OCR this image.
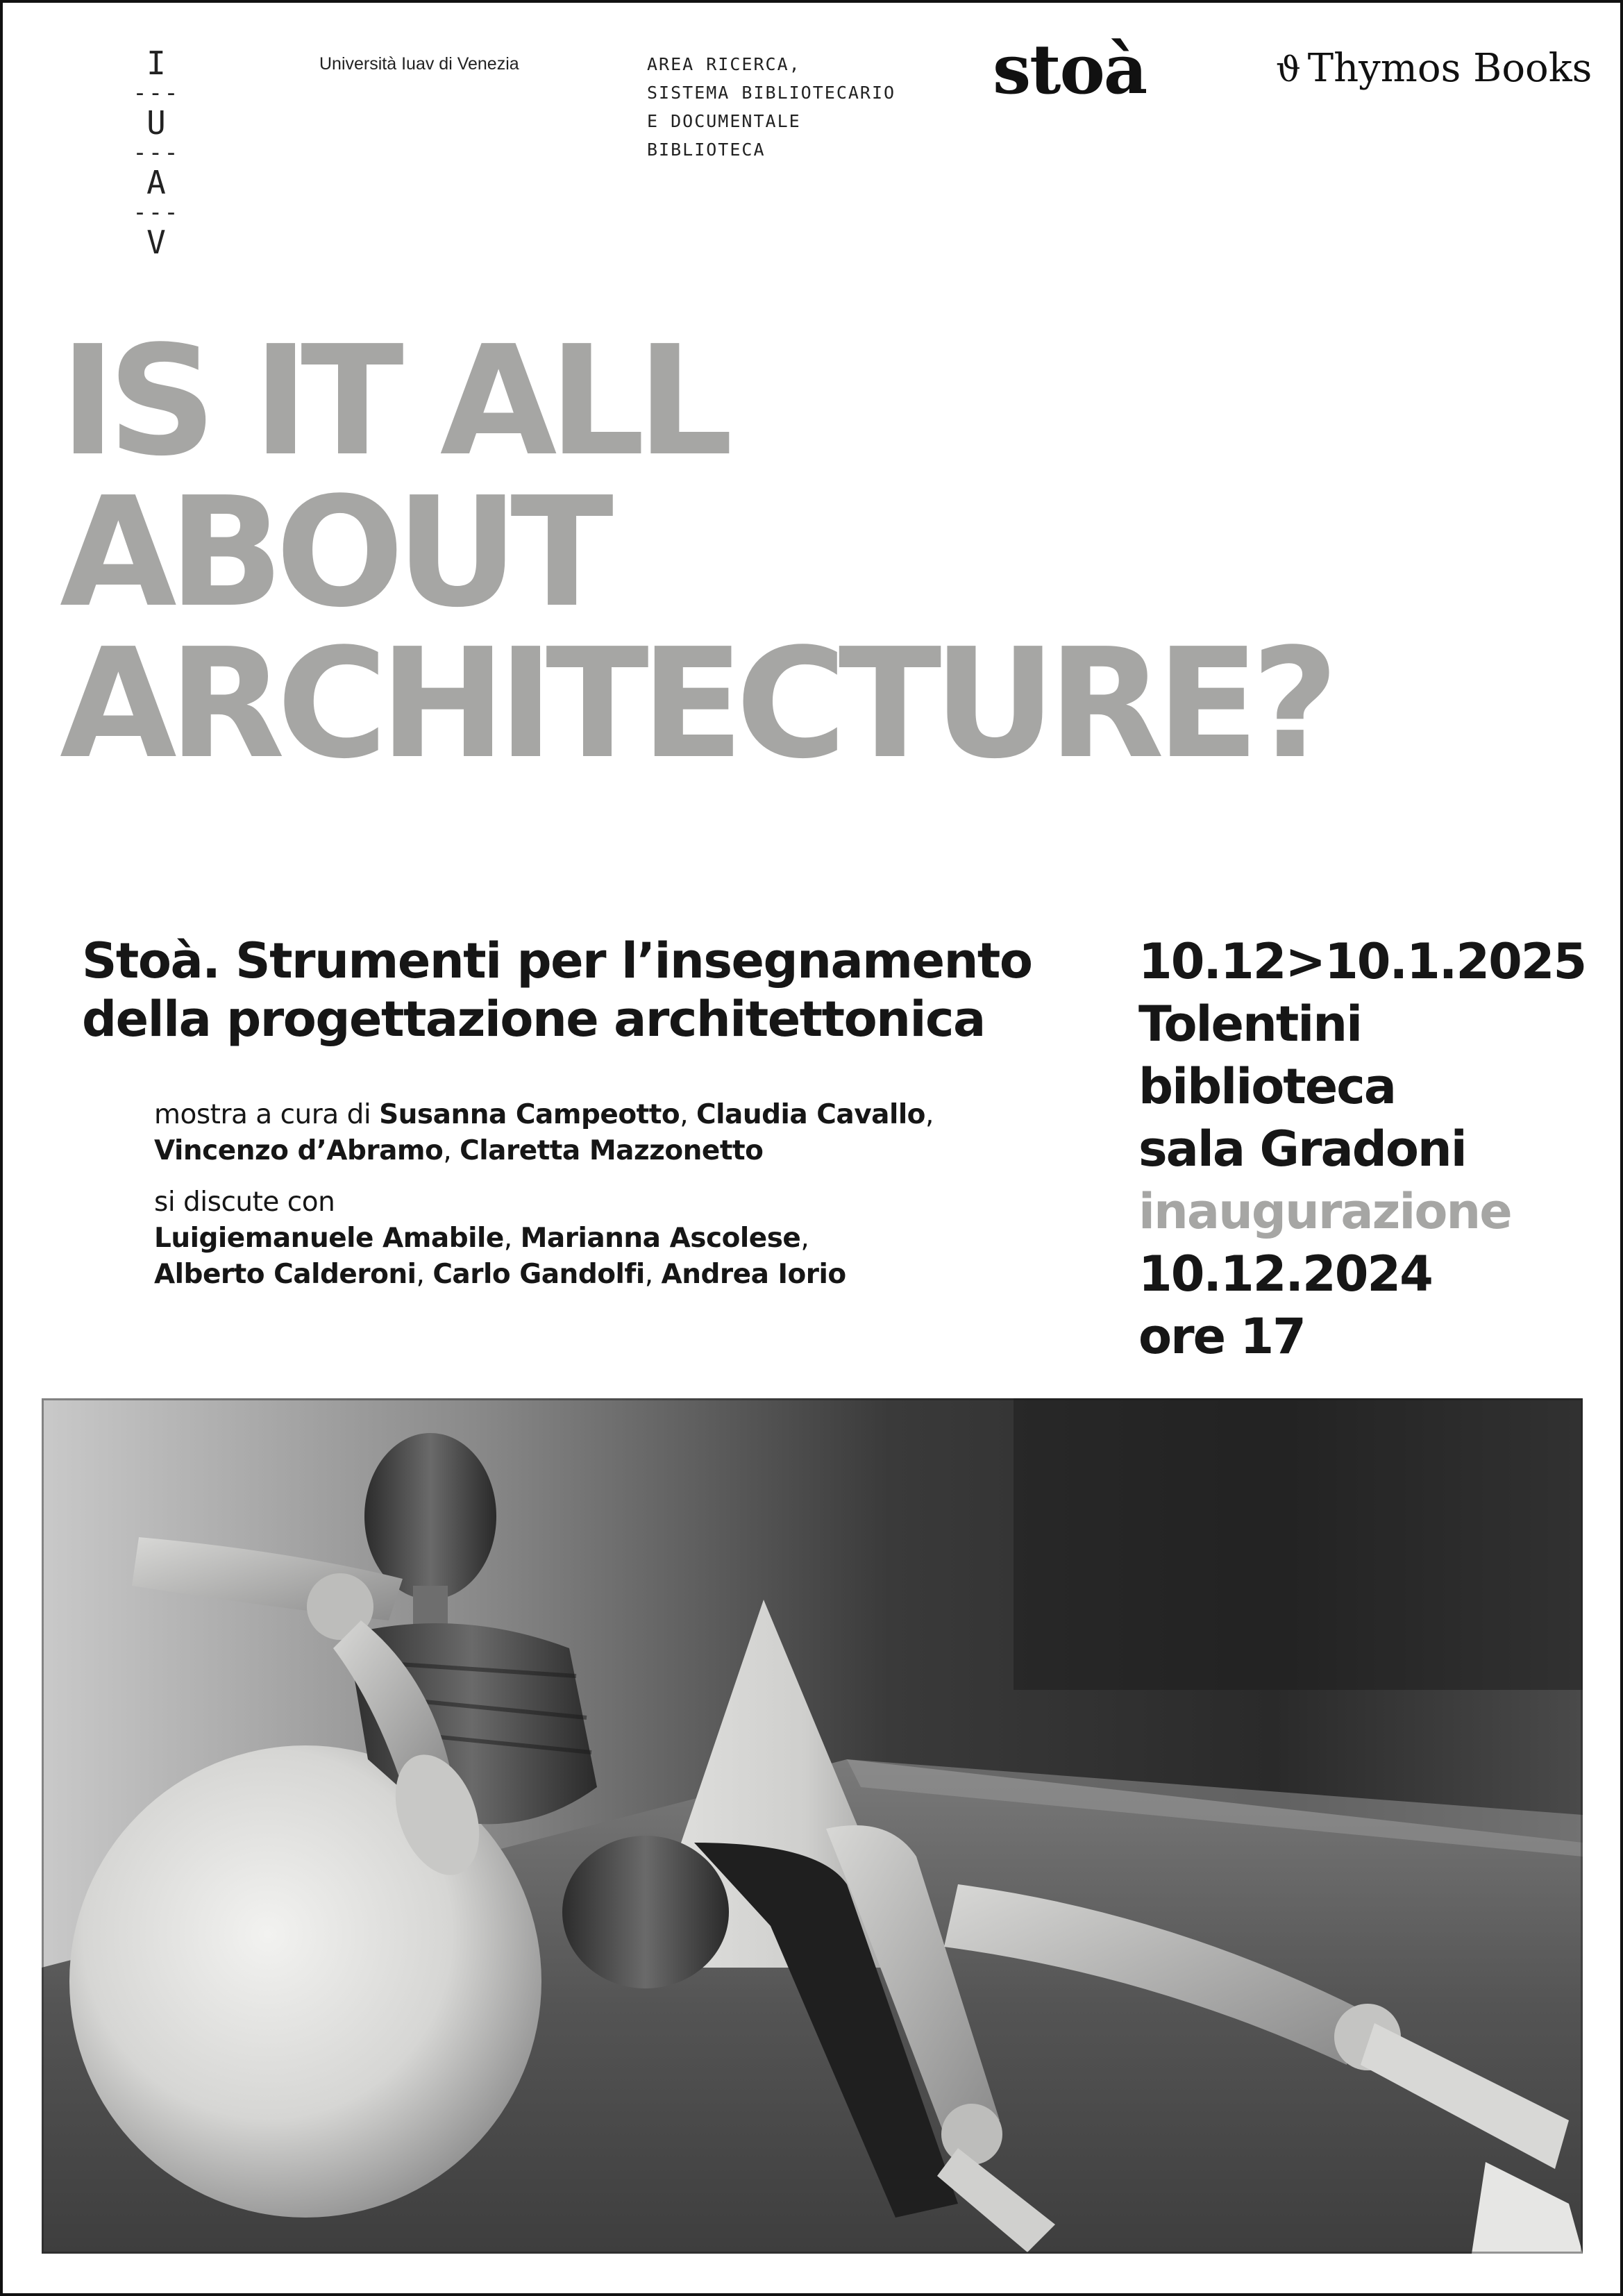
I
---
U
---
A
---
V
Università Iuav di Venezia	AREA RICERCA,
SISTEMA BIBLIOTECARIO
E DOCUMENTALE
BIBLIOTECA
stoà	ϑ Thymos Books
IS IT ALL
ABOUT
ARCHITECTURE?
Stoà. Strumenti per l’insegnamento
della progettazione architettonica
mostra a cura di Susanna Campeotto, Claudia Cavallo,
Vincenzo d’Abramo, Claretta Mazzonetto
si discute con
Luigiemanuele Amabile, Marianna Ascolese,
Alberto Calderoni, Carlo Gandolfi, Andrea Iorio
10.12>10.1.2025
Tolentini
biblioteca
sala Gradoni
inaugurazione
10.12.2024
ore 17
